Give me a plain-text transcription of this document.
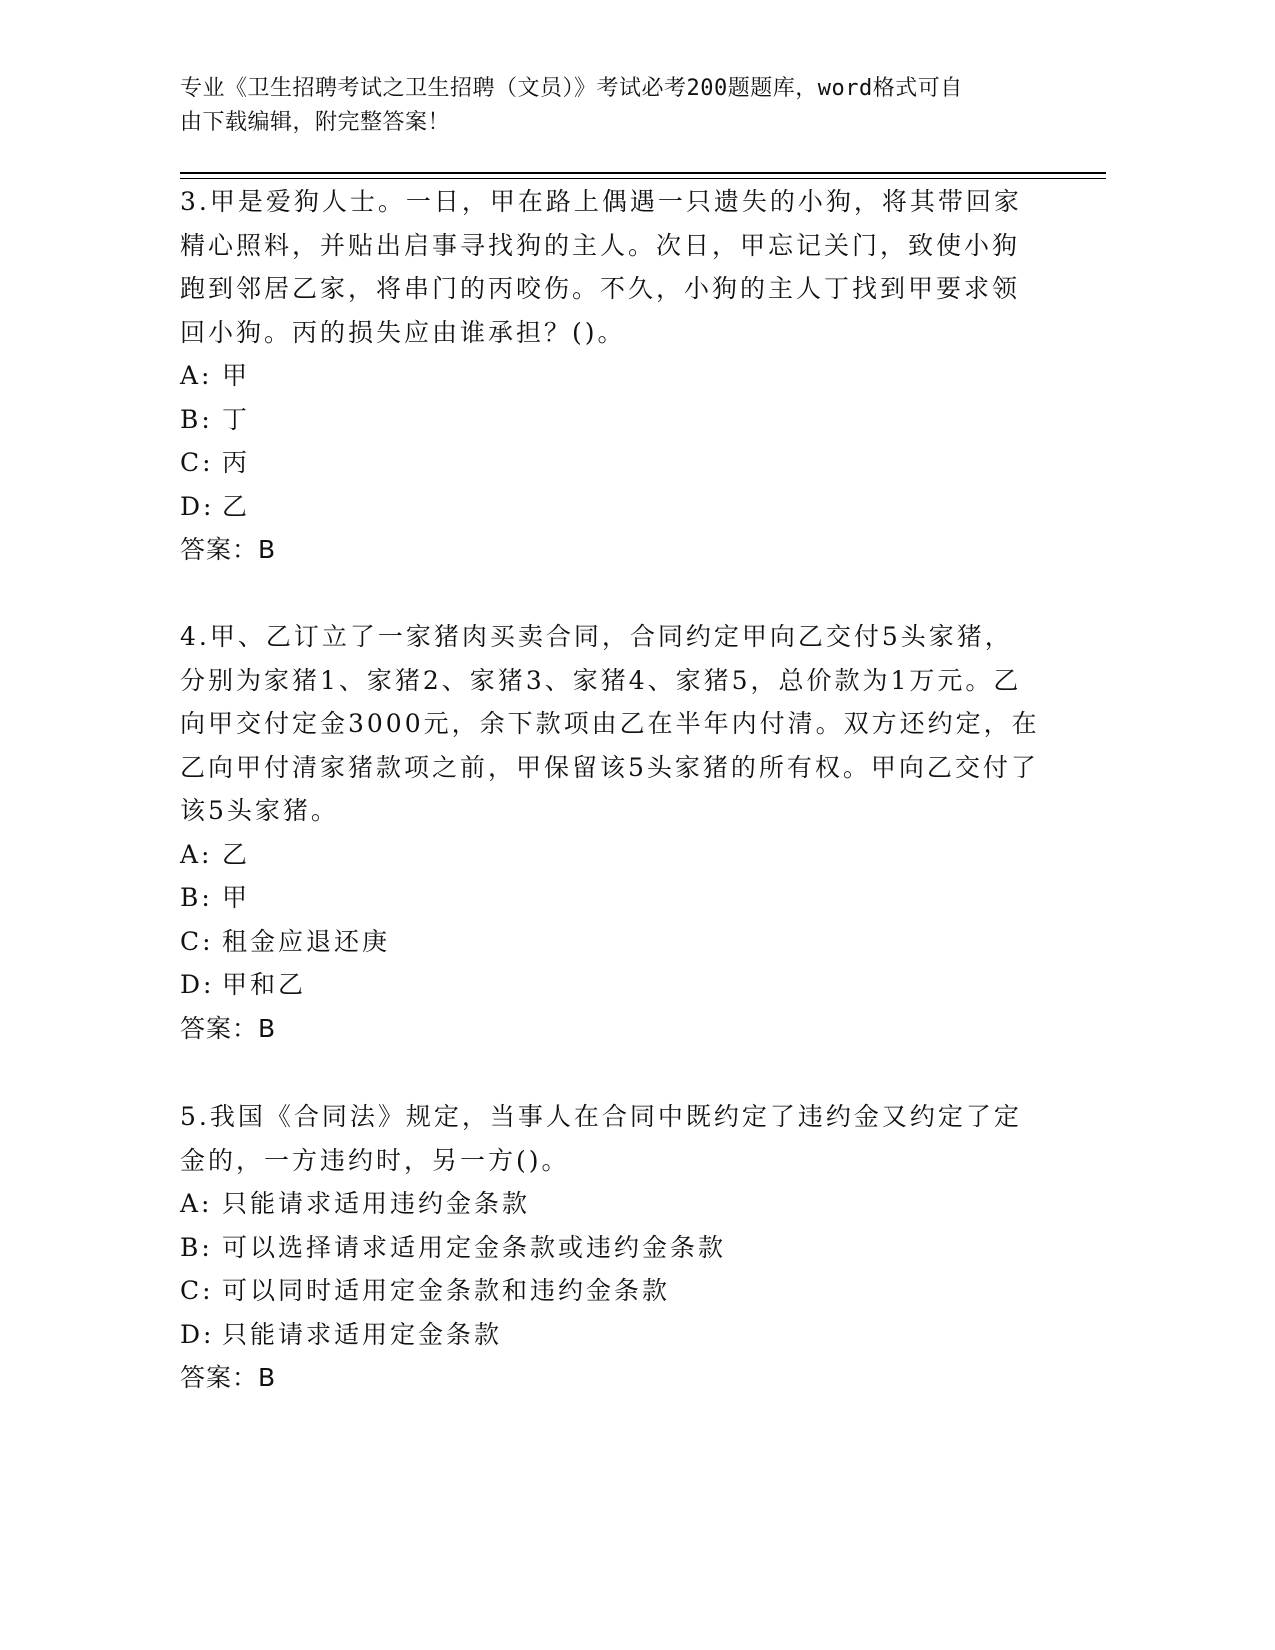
专业《卫生招聘考试之卫生招聘（文员）》考试必考200题题库，word格式可自
由下载编辑，附完整答案！

3.甲是爱狗人士。一日，甲在路上偶遇一只遗失的小狗，将其带回家精心照料，并贴出启事寻找狗的主人。次日，甲忘记关门，致使小狗跑到邻居乙家，将串门的丙咬伤。不久，小狗的主人丁找到甲要求领回小狗。丙的损失应由谁承担？()。

A: 甲

B: 丁

C: 丙

D: 乙

答案：B

4.甲、乙订立了一家猪肉买卖合同，合同约定甲向乙交付5头家猪，分别为家猪1、家猪2、家猪3、家猪4、家猪5，总价款为1万元。乙向甲交付定金3000元，余下款项由乙在半年内付清。双方还约定，在乙向甲付清家猪款项之前，甲保留该5头家猪的所有权。甲向乙交付了该5头家猪。

A: 乙

B: 甲

C: 租金应退还庚

D: 甲和乙

答案：B

5.我国《合同法》规定，当事人在合同中既约定了违约金又约定了定金的，一方违约时，另一方()。

A: 只能请求适用违约金条款

B: 可以选择请求适用定金条款或违约金条款

C: 可以同时适用定金条款和违约金条款

D: 只能请求适用定金条款

答案：B
